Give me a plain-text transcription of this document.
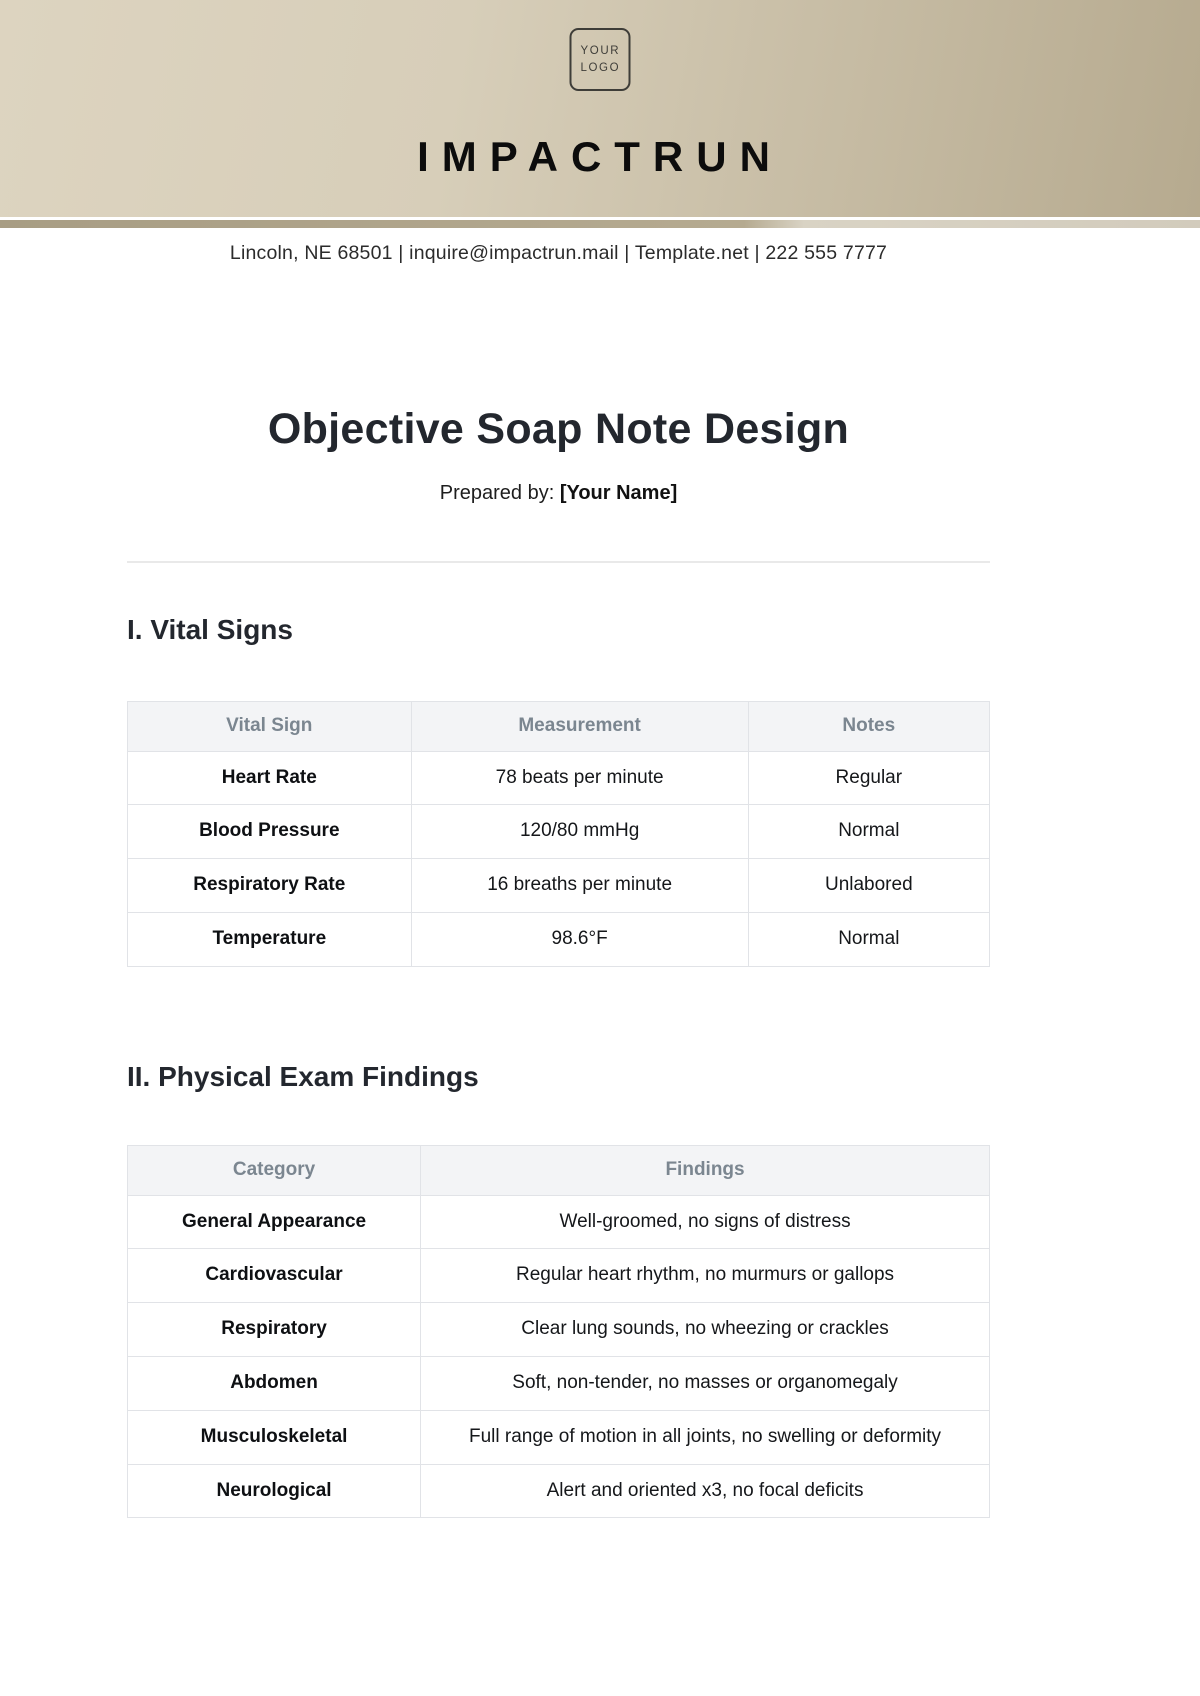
YOUR
LOGO
IMPACTRUN

Lincoln, NE 68501 | inquire@impactrun.mail | Template.net | 222 555 7777

Objective Soap Note Design

Prepared by: [Your Name]

I. Vital Signs
Vital Sign	Measurement	Notes
Heart Rate	78 beats per minute	Regular
Blood Pressure	120/80 mmHg	Normal
Respiratory Rate	16 breaths per minute	Unlabored
Temperature	98.6°F	Normal
II. Physical Exam Findings
Category	Findings
General Appearance	Well-groomed, no signs of distress
Cardiovascular	Regular heart rhythm, no murmurs or gallops
Respiratory	Clear lung sounds, no wheezing or crackles
Abdomen	Soft, non-tender, no masses or organomegaly
Musculoskeletal	Full range of motion in all joints, no swelling or deformity
Neurological	Alert and oriented x3, no focal deficits
